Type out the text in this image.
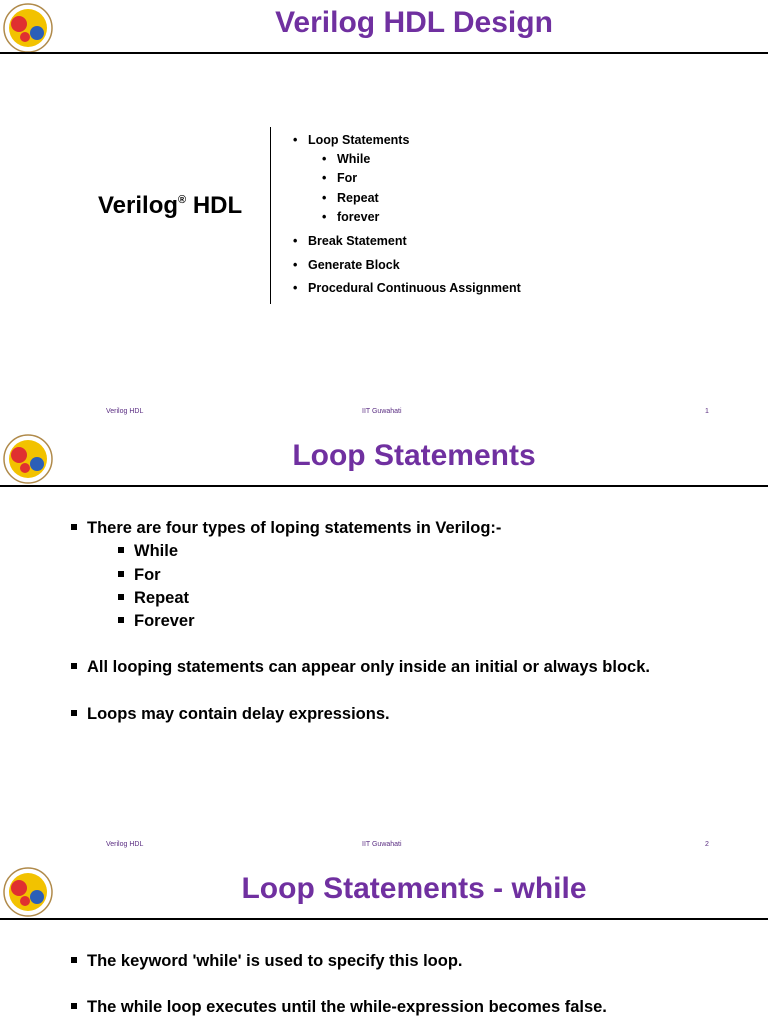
Verilog HDL Design
Verilog® HDL
• Loop Statements
• While
• For
• Repeat
• forever
• Break Statement
• Generate Block
• Procedural Continuous Assignment
Verilog HDL	IIT Guwahati	1
Loop Statements
There are four types of loping statements in Verilog:-
While
For
Repeat
Forever
All looping statements can appear only inside an initial or always block.
Loops may contain delay expressions.
Verilog HDL	IIT Guwahati	2
Loop Statements - while
The keyword 'while' is used to specify this loop.
The while loop executes until the while-expression becomes false.
